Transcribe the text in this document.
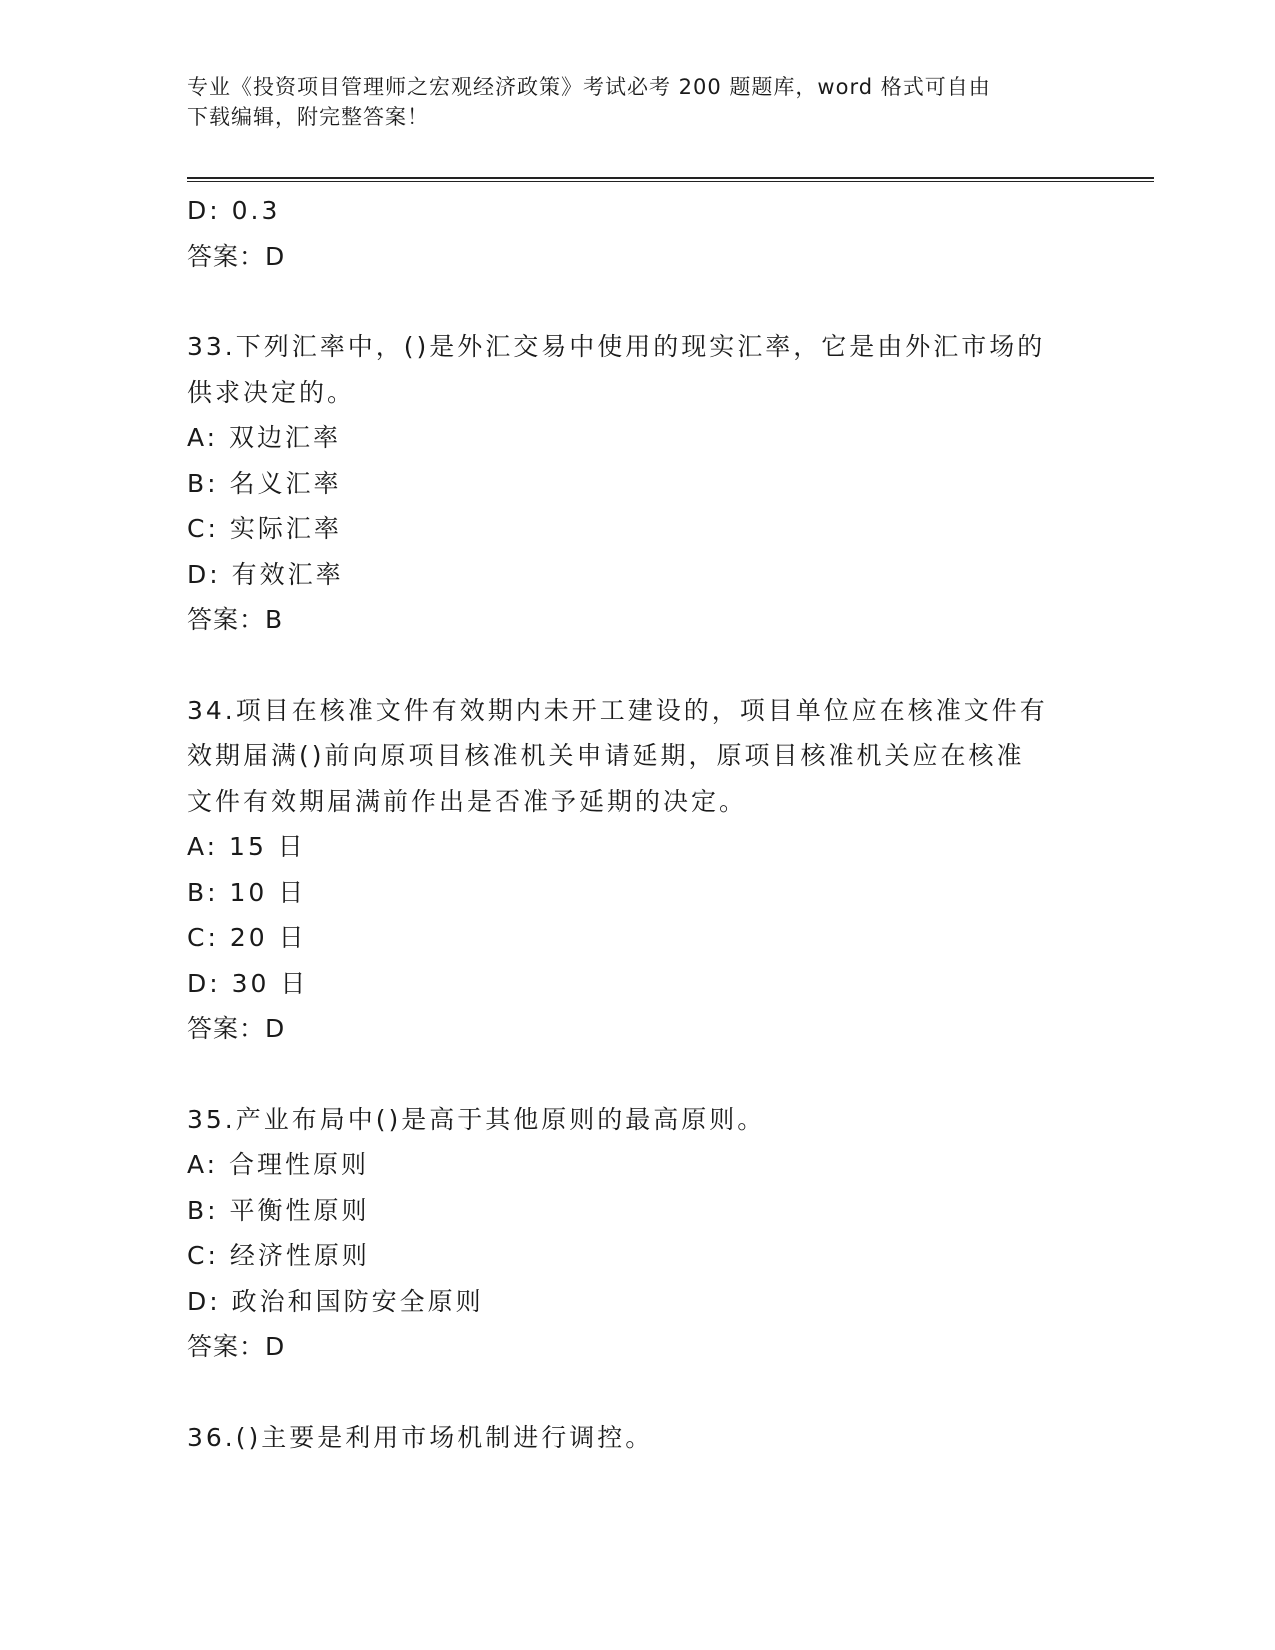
专业《投资项目管理师之宏观经济政策》考试必考 200 题题库，word 格式可自由
下载编辑，附完整答案！
D: 0.3
答案：D
33.下列汇率中，()是外汇交易中使用的现实汇率，它是由外汇市场的
供求决定的。
A: 双边汇率
B: 名义汇率
C: 实际汇率
D: 有效汇率
答案：B
34.项目在核准文件有效期内未开工建设的，项目单位应在核准文件有
效期届满()前向原项目核准机关申请延期，原项目核准机关应在核准
文件有效期届满前作出是否准予延期的决定。
A: 15 日
B: 10 日
C: 20 日
D: 30 日
答案：D
35.产业布局中()是高于其他原则的最高原则。
A: 合理性原则
B: 平衡性原则
C: 经济性原则
D: 政治和国防安全原则
答案：D
36.()主要是利用市场机制进行调控。
